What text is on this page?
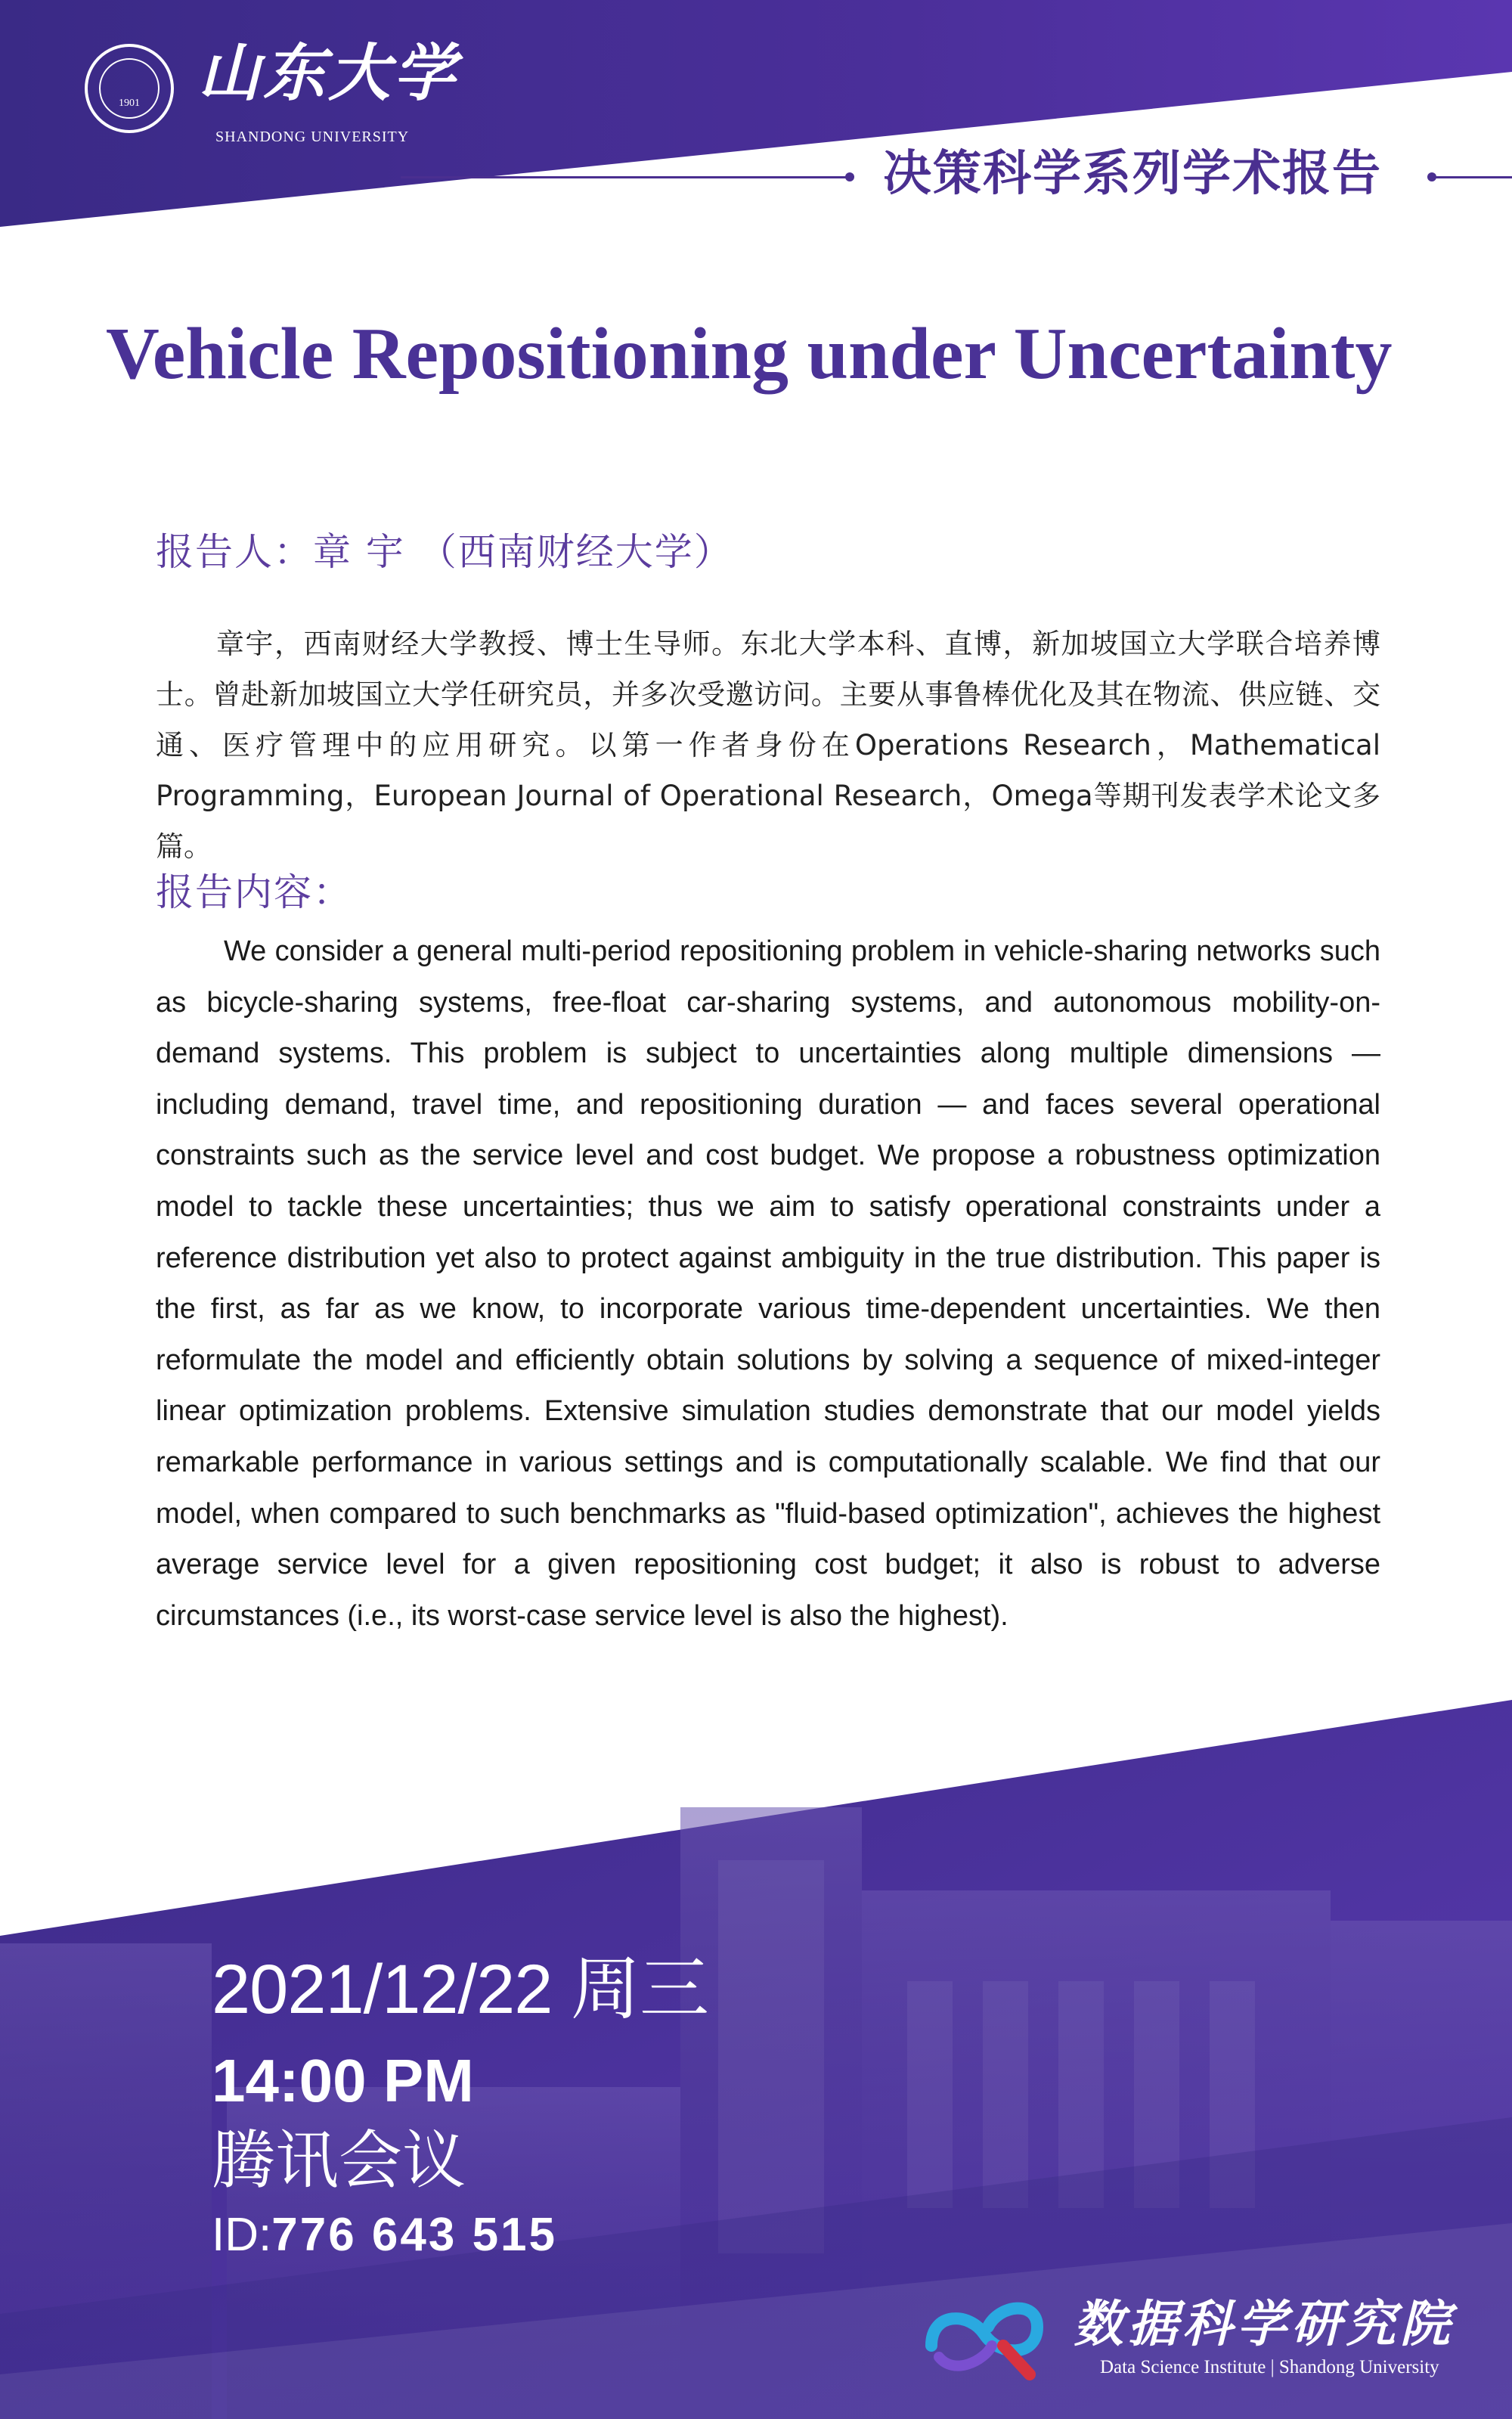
1901 山东大学
SHANDONG UNIVERSITY
决策科学系列学术报告
Vehicle Repositioning under Uncertainty
报告人：章 宇 （西南财经大学）
章宇，西南财经大学教授、博士生导师。东北大学本科、直博，新加坡国立大学联合培养博士。曾赴新加坡国立大学任研究员，并多次受邀访问。主要从事鲁棒优化及其在物流、供应链、交通、医疗管理中的应用研究。以第一作者身份在Operations Research，Mathematical Programming，European Journal of Operational Research，Omega等期刊发表学术论文多篇。
报告内容：
We consider a general multi-period repositioning problem in vehicle-sharing networks such as bicycle-sharing systems, free-float car-sharing systems, and autonomous mobility-on-demand systems. This problem is subject to uncertainties along multiple dimensions — including demand, travel time, and repositioning duration — and faces several operational constraints such as the service level and cost budget. We propose a robustness optimization model to tackle these uncertainties; thus we aim to satisfy operational constraints under a reference distribution yet also to protect against ambiguity in the true distribution. This paper is the first, as far as we know, to incorporate various time-dependent uncertainties. We then reformulate the model and efficiently obtain solutions by solving a sequence of mixed-integer linear optimization problems. Extensive simulation studies demonstrate that our model yields remarkable performance in various settings and is computationally scalable. We find that our model, when compared to such benchmarks as "fluid-based optimization", achieves the highest average service level for a given repositioning cost budget; it also is robust to adverse circumstances (i.e., its worst-case service level is also the highest).
2021/12/22 周三
14:00 PM
腾讯会议
ID:776 643 515
数据科学研究院
Data Science Institute | Shandong University
